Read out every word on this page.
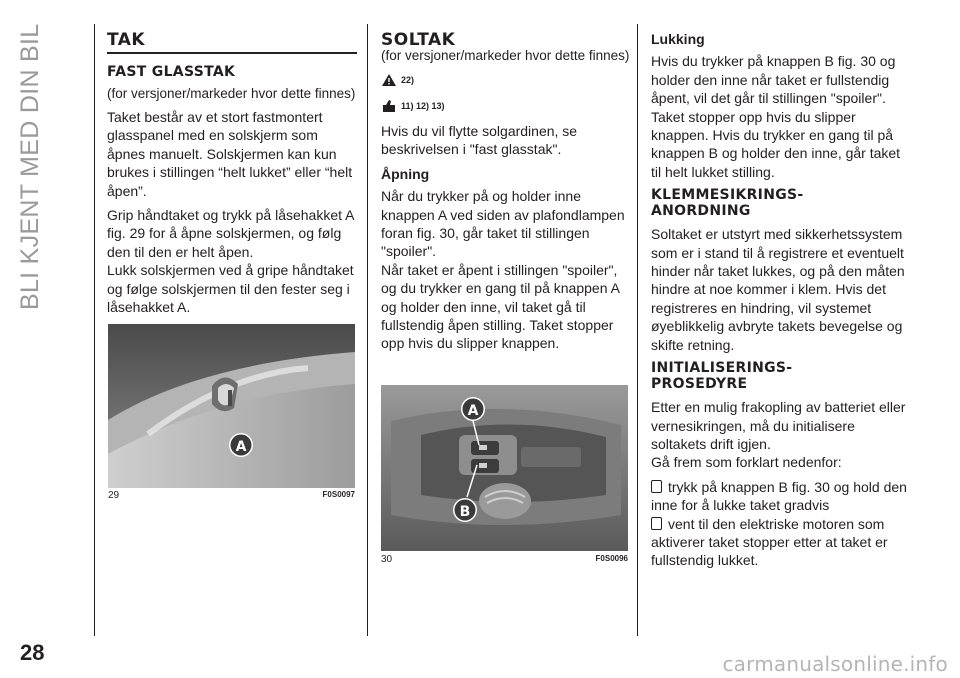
BLI KJENT MED DIN BIL
28
TAK
FAST GLASSTAK

(for versjoner/markeder hvor dette finnes)

Taket består av et stort fastmontert glasspanel med en solskjerm som åpnes manuelt. Solskjermen kan kun brukes i stillingen “helt lukket” eller “helt åpen”.

Grip håndtaket og trykk på låsehakket A fig. 29 for å åpne solskjermen, og følg den til den er helt åpen.

Lukk solskjermen ved å gripe håndtaket og følge solskjermen til den fester seg i låsehakket A.

A
29	F0S0097
SOLTAK

(for versjoner/markeder hvor dette finnes)

22)
11) 12) 13)

Hvis du vil flytte solgardinen, se beskrivelsen i "fast glasstak".

Åpning

Når du trykker på og holder inne knappen A ved siden av plafondlampen foran fig. 30, går taket til stillingen "spoiler".

Når taket er åpent i stillingen "spoiler", og du trykker en gang til på knappen A og holder den inne, vil taket gå til fullstendig åpen stilling. Taket stopper opp hvis du slipper knappen.

A
B
30	F0S0096
Lukking

Hvis du trykker på knappen B fig. 30 og holder den inne når taket er fullstendig åpent, vil det går til stillingen "spoiler". Taket stopper opp hvis du slipper knappen. Hvis du trykker en gang til på knappen B og holder den inne, går taket til helt lukket stilling.

KLEMMESIKRINGS-
ANORDNING

Soltaket er utstyrt med sikkerhetssystem som er i stand til å registrere et eventuelt hinder når taket lukkes, og på den måten hindre at noe kommer i klem. Hvis det registreres en hindring, vil systemet øyeblikkelig avbryte takets bevegelse og skifte retning.

INITIALISERINGS-
PROSEDYRE

Etter en mulig frakopling av batteriet eller vernesikringen, må du initialisere soltakets drift igjen.

Gå frem som forklart nedenfor:

trykk på knappen B fig. 30 og hold den inne for å lukke taket gradvis

vent til den elektriske motoren som aktiverer taket stopper etter at taket er fullstendig lukket.

carmanualsonline.info
